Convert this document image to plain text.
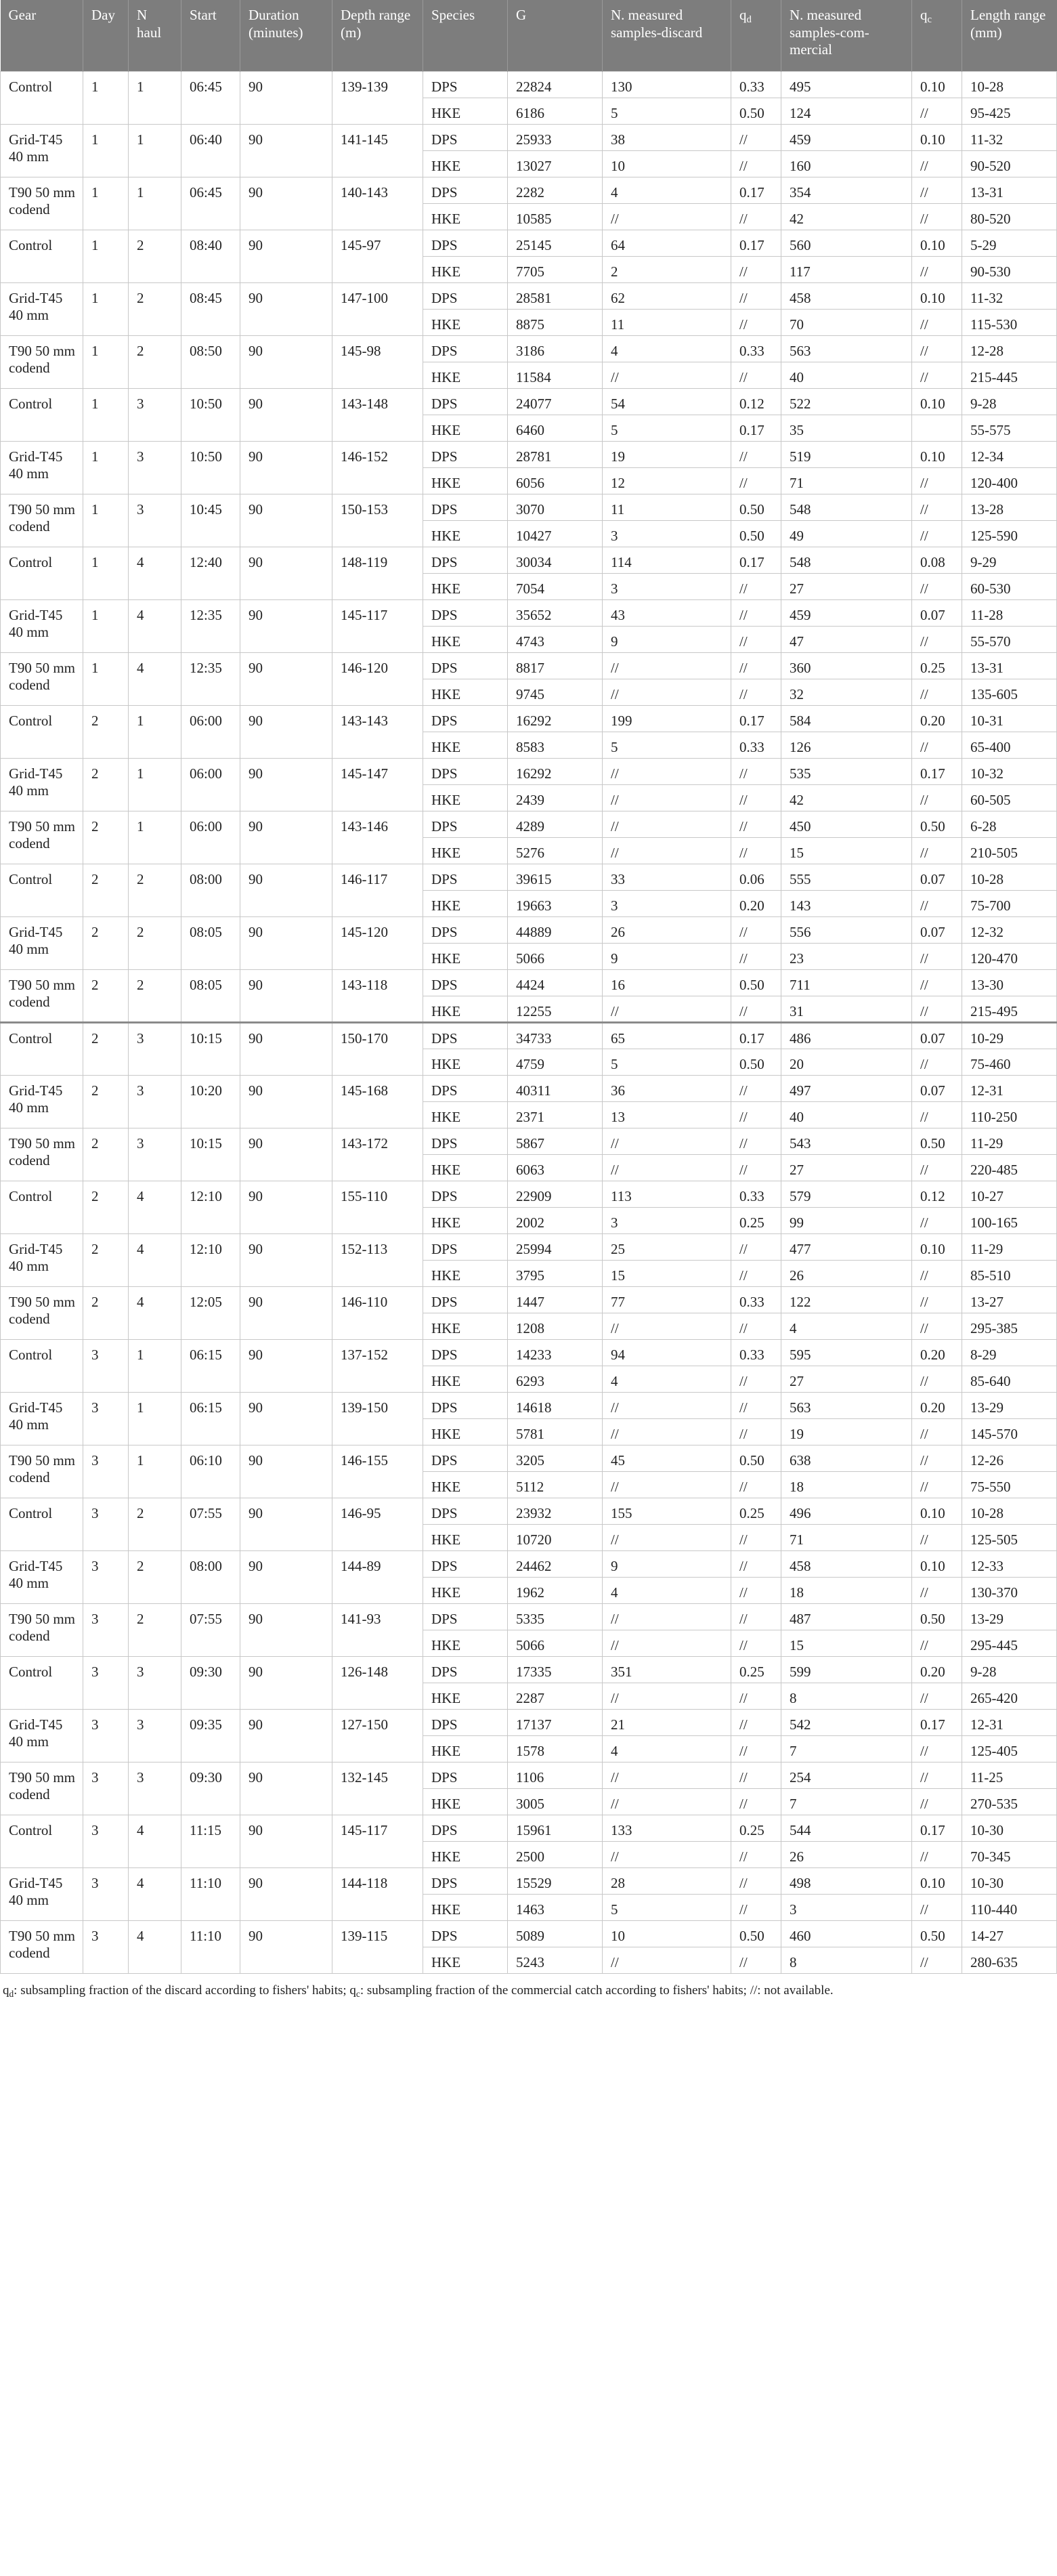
Gear	Day	N haul	Start	Duration (minutes)	Depth range (m)	Species	G	N. measured samples-discard	$q_d$	N. measured samples-com-mercial	$q_c$	Length range (mm)
Control	1	1	06:45	90	139-139	DPS	22824	130	0.33	495	0.10	10-28
						HKE	6186	5	0.50	124	//	95-425
Grid-T45 40 mm	1	1	06:40	90	141-145	DPS	25933	38	//	459	0.10	11-32
						HKE	13027	10	//	160	//	90-520
T90 50 mm codend	1	1	06:45	90	140-143	DPS	2282	4	0.17	354	//	13-31
						HKE	10585	//	//	42	//	80-520
Control	1	2	08:40	90	145-97	DPS	25145	64	0.17	560	0.10	5-29
						HKE	7705	2	//	117	//	90-530
Grid-T45 40 mm	1	2	08:45	90	147-100	DPS	28581	62	//	458	0.10	11-32
						HKE	8875	11	//	70	//	115-530
T90 50 mm codend	1	2	08:50	90	145-98	DPS	3186	4	0.33	563	//	12-28
						HKE	11584	//	//	40	//	215-445
Control	1	3	10:50	90	143-148	DPS	24077	54	0.12	522	0.10	9-28
						HKE	6460	5	0.17	35		55-575
Grid-T45 40 mm	1	3	10:50	90	146-152	DPS	28781	19	//	519	0.10	12-34
						HKE	6056	12	//	71	//	120-400
T90 50 mm codend	1	3	10:45	90	150-153	DPS	3070	11	0.50	548	//	13-28
						HKE	10427	3	0.50	49	//	125-590
Control	1	4	12:40	90	148-119	DPS	30034	114	0.17	548	0.08	9-29
						HKE	7054	3	//	27	//	60-530
Grid-T45 40 mm	1	4	12:35	90	145-117	DPS	35652	43	//	459	0.07	11-28
						HKE	4743	9	//	47	//	55-570
T90 50 mm codend	1	4	12:35	90	146-120	DPS	8817	//	//	360	0.25	13-31
						HKE	9745	//	//	32	//	135-605
Control	2	1	06:00	90	143-143	DPS	16292	199	0.17	584	0.20	10-31
						HKE	8583	5	0.33	126	//	65-400
Grid-T45 40 mm	2	1	06:00	90	145-147	DPS	16292	//	//	535	0.17	10-32
						HKE	2439	//	//	42	//	60-505
T90 50 mm codend	2	1	06:00	90	143-146	DPS	4289	//	//	450	0.50	6-28
						HKE	5276	//	//	15	//	210-505
Control	2	2	08:00	90	146-117	DPS	39615	33	0.06	555	0.07	10-28
						HKE	19663	3	0.20	143	//	75-700
Grid-T45 40 mm	2	2	08:05	90	145-120	DPS	44889	26	//	556	0.07	12-32
						HKE	5066	9	//	23	//	120-470
T90 50 mm codend	2	2	08:05	90	143-118	DPS	4424	16	0.50	711	//	13-30
						HKE	12255	//	//	31	//	215-495
Control	2	3	10:15	90	150-170	DPS	34733	65	0.17	486	0.07	10-29
						HKE	4759	5	0.50	20	//	75-460
Grid-T45 40 mm	2	3	10:20	90	145-168	DPS	40311	36	//	497	0.07	12-31
						HKE	2371	13	//	40	//	110-250
T90 50 mm codend	2	3	10:15	90	143-172	DPS	5867	//	//	543	0.50	11-29
						HKE	6063	//	//	27	//	220-485
Control	2	4	12:10	90	155-110	DPS	22909	113	0.33	579	0.12	10-27
						HKE	2002	3	0.25	99	//	100-165
Grid-T45 40 mm	2	4	12:10	90	152-113	DPS	25994	25	//	477	0.10	11-29
						HKE	3795	15	//	26	//	85-510
T90 50 mm codend	2	4	12:05	90	146-110	DPS	1447	77	0.33	122	//	13-27
						HKE	1208	//	//	4	//	295-385
Control	3	1	06:15	90	137-152	DPS	14233	94	0.33	595	0.20	8-29
						HKE	6293	4	//	27	//	85-640
Grid-T45 40 mm	3	1	06:15	90	139-150	DPS	14618	//	//	563	0.20	13-29
						HKE	5781	//	//	19	//	145-570
T90 50 mm codend	3	1	06:10	90	146-155	DPS	3205	45	0.50	638	//	12-26
						HKE	5112	//	//	18	//	75-550
Control	3	2	07:55	90	146-95	DPS	23932	155	0.25	496	0.10	10-28
						HKE	10720	//	//	71	//	125-505
Grid-T45 40 mm	3	2	08:00	90	144-89	DPS	24462	9	//	458	0.10	12-33
						HKE	1962	4	//	18	//	130-370
T90 50 mm codend	3	2	07:55	90	141-93	DPS	5335	//	//	487	0.50	13-29
						HKE	5066	//	//	15	//	295-445
Control	3	3	09:30	90	126-148	DPS	17335	351	0.25	599	0.20	9-28
						HKE	2287	//	//	8	//	265-420
Grid-T45 40 mm	3	3	09:35	90	127-150	DPS	17137	21	//	542	0.17	12-31
						HKE	1578	4	//	7	//	125-405
T90 50 mm codend	3	3	09:30	90	132-145	DPS	1106	//	//	254	//	11-25
						HKE	3005	//	//	7	//	270-535
Control	3	4	11:15	90	145-117	DPS	15961	133	0.25	544	0.17	10-30
						HKE	2500	//	//	26	//	70-345
Grid-T45 40 mm	3	4	11:10	90	144-118	DPS	15529	28	//	498	0.10	10-30
						HKE	1463	5	//	3	//	110-440
T90 50 mm codend	3	4	11:10	90	139-115	DPS	5089	10	0.50	460	0.50	14-27
						HKE	5243	//	//	8	//	280-635
$q_d$: subsampling fraction of the discard according to fishers' habits; $q_c$: subsampling fraction of the commercial catch according to fishers' habits; //: not available.
